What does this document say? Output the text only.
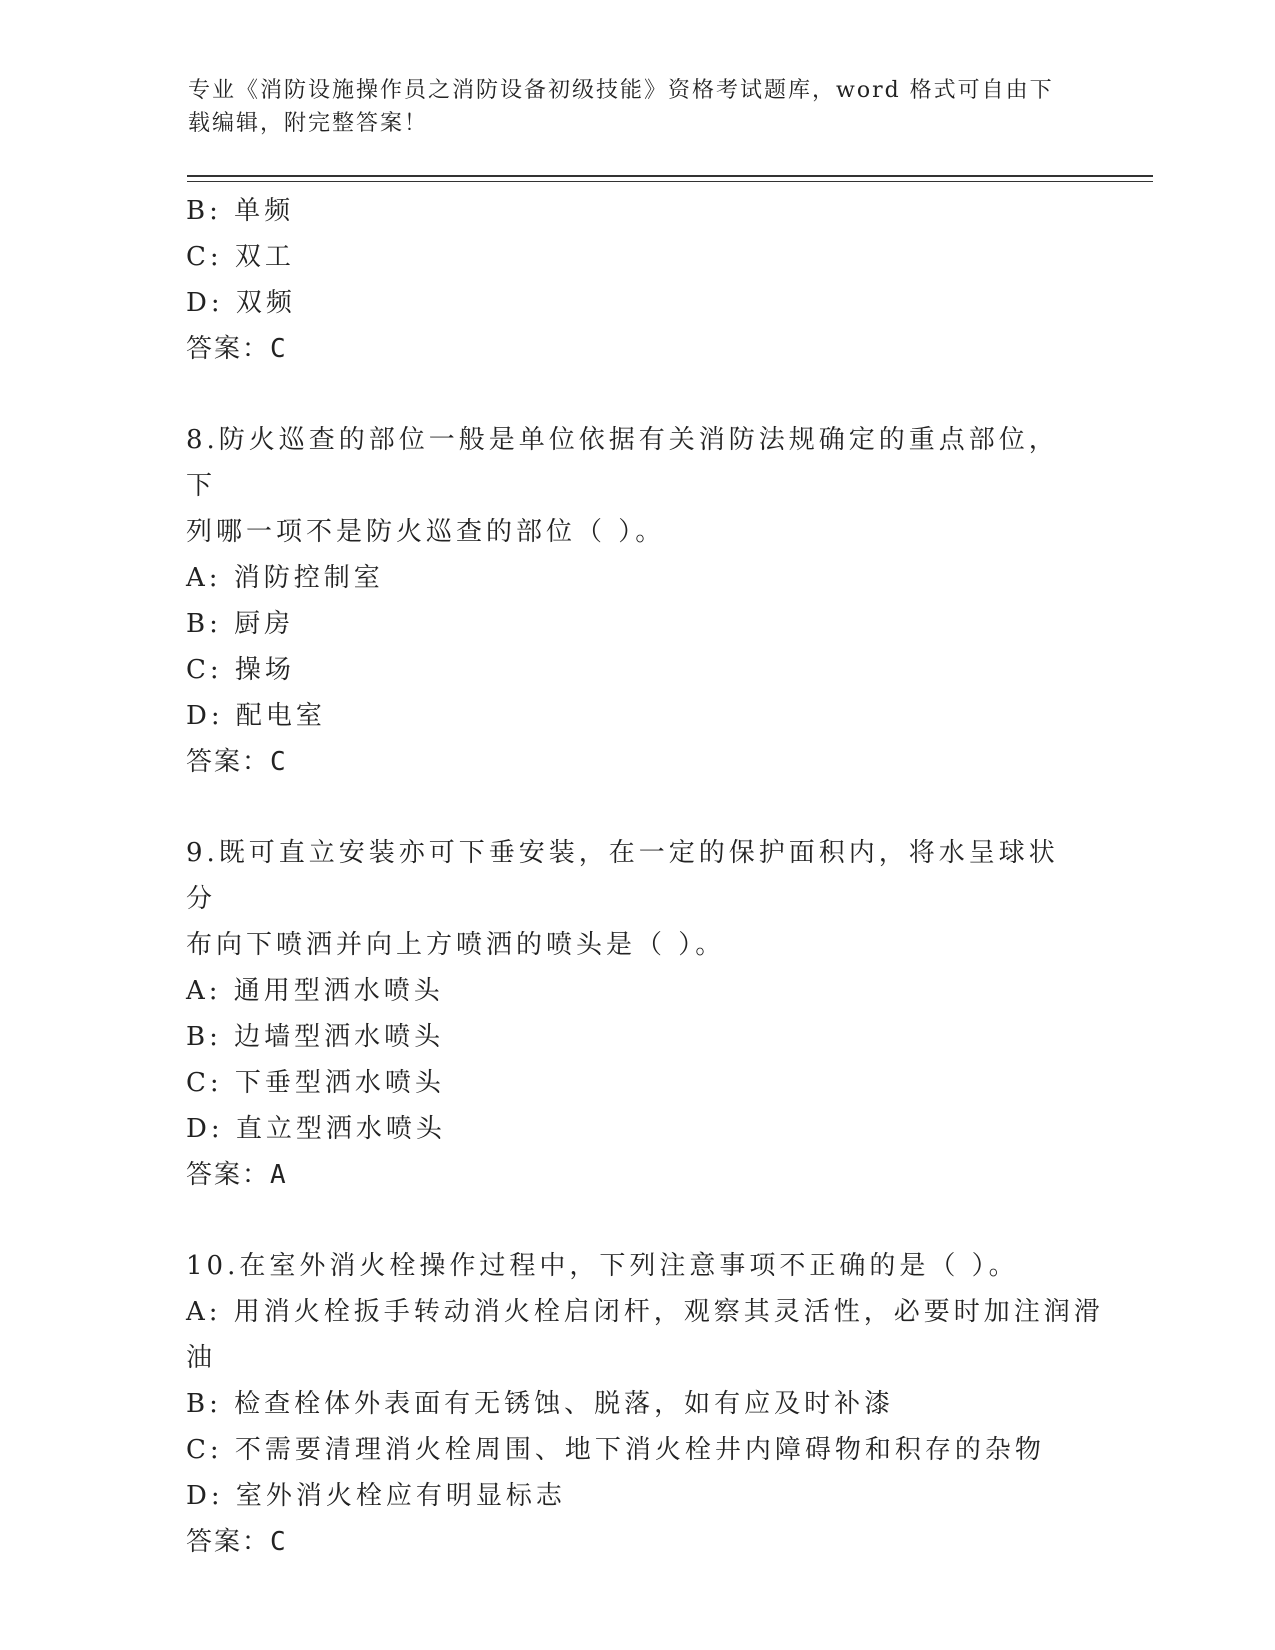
专业《消防设施操作员之消防设备初级技能》资格考试题库，word 格式可自由下
载编辑，附完整答案！
B: 单频
C: 双工
D: 双频
答案：C
8.防火巡查的部位一般是单位依据有关消防法规确定的重点部位，下
列哪一项不是防火巡查的部位（ ）。
A: 消防控制室
B: 厨房
C: 操场
D: 配电室
答案：C
9.既可直立安装亦可下垂安装，在一定的保护面积内，将水呈球状分
布向下喷洒并向上方喷洒的喷头是（ ）。
A: 通用型洒水喷头
B: 边墙型洒水喷头
C: 下垂型洒水喷头
D: 直立型洒水喷头
答案：A
10.在室外消火栓操作过程中，下列注意事项不正确的是（ ）。
A: 用消火栓扳手转动消火栓启闭杆，观察其灵活性，必要时加注润滑
油
B: 检查栓体外表面有无锈蚀、脱落，如有应及时补漆
C: 不需要清理消火栓周围、地下消火栓井内障碍物和积存的杂物
D: 室外消火栓应有明显标志
答案：C
